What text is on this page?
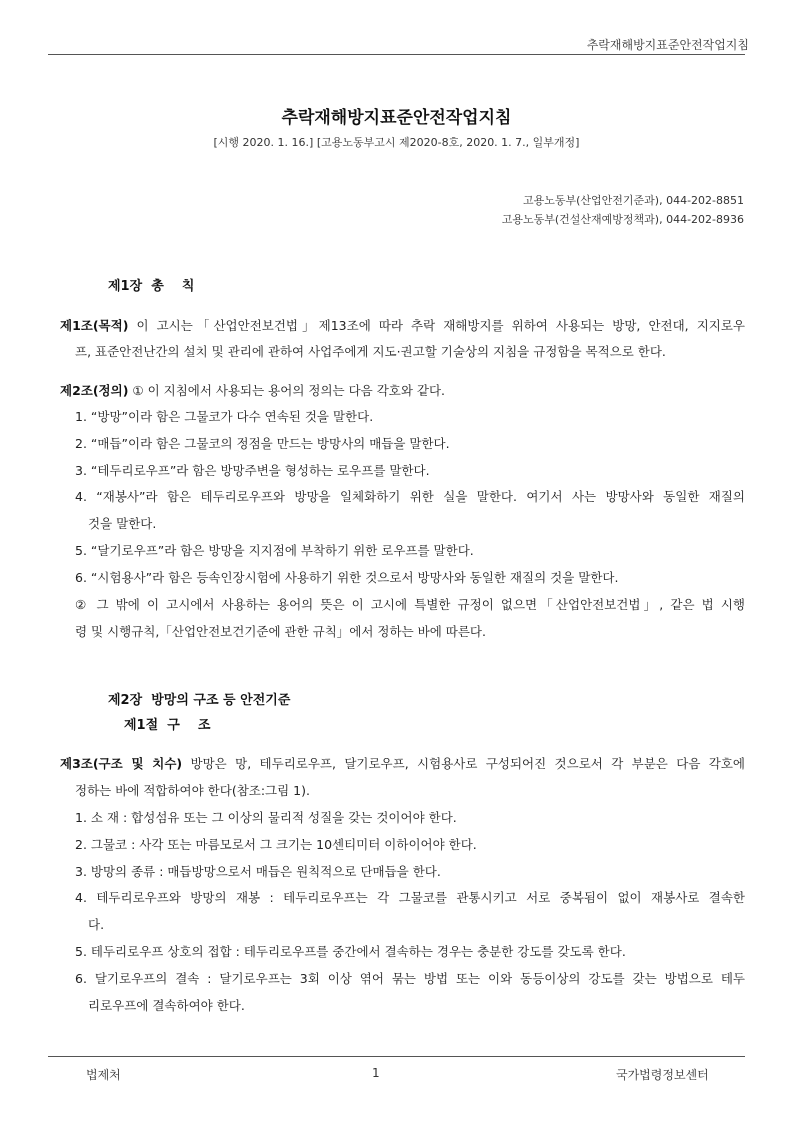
추락재해방지표준안전작업지침
추락재해방지표준안전작업지침
[시행 2020. 1. 16.] [고용노동부고시 제2020-8호, 2020. 1. 7., 일부개정]
고용노동부(산업안전기준과), 044-202-8851
고용노동부(건설산재예방정책과), 044-202-8936
제1장  총    칙
제1조(목적) 이 고시는「산업안전보건법」제13조에 따라 추락 재해방지를 위하여 사용되는 방망, 안전대, 지지로우
프, 표준안전난간의 설치 및 관리에 관하여 사업주에게 지도·권고할 기술상의 지침을 규정함을 목적으로 한다.
제2조(정의) ① 이 지침에서 사용되는 용어의 정의는 다음 각호와 같다.
1. “방망”이라 함은 그물코가 다수 연속된 것을 말한다.
2. “매듭”이라 함은 그물코의 정점을 만드는 방망사의 매듭을 말한다.
3. “테두리로우프”라 함은 방망주변을 형성하는 로우프를 말한다.
4. “재봉사”라 함은 테두리로우프와 방망을 일체화하기 위한 실을 말한다. 여기서 사는 방망사와 동일한 재질의
것을 말한다.
5. “달기로우프”라 함은 방망을 지지점에 부착하기 위한 로우프를 말한다.
6. “시험용사”라 함은 등속인장시험에 사용하기 위한 것으로서 방망사와 동일한 재질의 것을 말한다.
② 그 밖에 이 고시에서 사용하는 용어의 뜻은 이 고시에 특별한 규정이 없으면「산업안전보건법」, 같은 법 시행
령 및 시행규칙,「산업안전보건기준에 관한 규칙」에서 정하는 바에 따른다.
제2장  방망의 구조 등 안전기준
제1절  구    조
제3조(구조 및 치수) 방망은 망, 테두리로우프, 달기로우프, 시험용사로 구성되어진 것으로서 각 부분은 다음 각호에
정하는 바에 적합하여야 한다(참조:그림 1).
1. 소 재 : 합성섬유 또는 그 이상의 물리적 성질을 갖는 것이어야 한다.
2. 그물코 : 사각 또는 마름모로서 그 크기는 10센티미터 이하이어야 한다.
3. 방망의 종류 : 매듭방망으로서 매듭은 원칙적으로 단매듭을 한다.
4. 테두리로우프와 방망의 재봉 : 테두리로우프는 각 그물코를 관통시키고 서로 중복됨이 없이 재봉사로 결속한
다.
5. 테두리로우프 상호의 접합 : 테두리로우프를 중간에서 결속하는 경우는 충분한 강도를 갖도록 한다.
6. 달기로우프의 결속 : 달기로우프는 3회 이상 엮어 묶는 방법 또는 이와 동등이상의 강도를 갖는 방법으로 테두
리로우프에 결속하여야 한다.
법제처	1	국가법령정보센터
